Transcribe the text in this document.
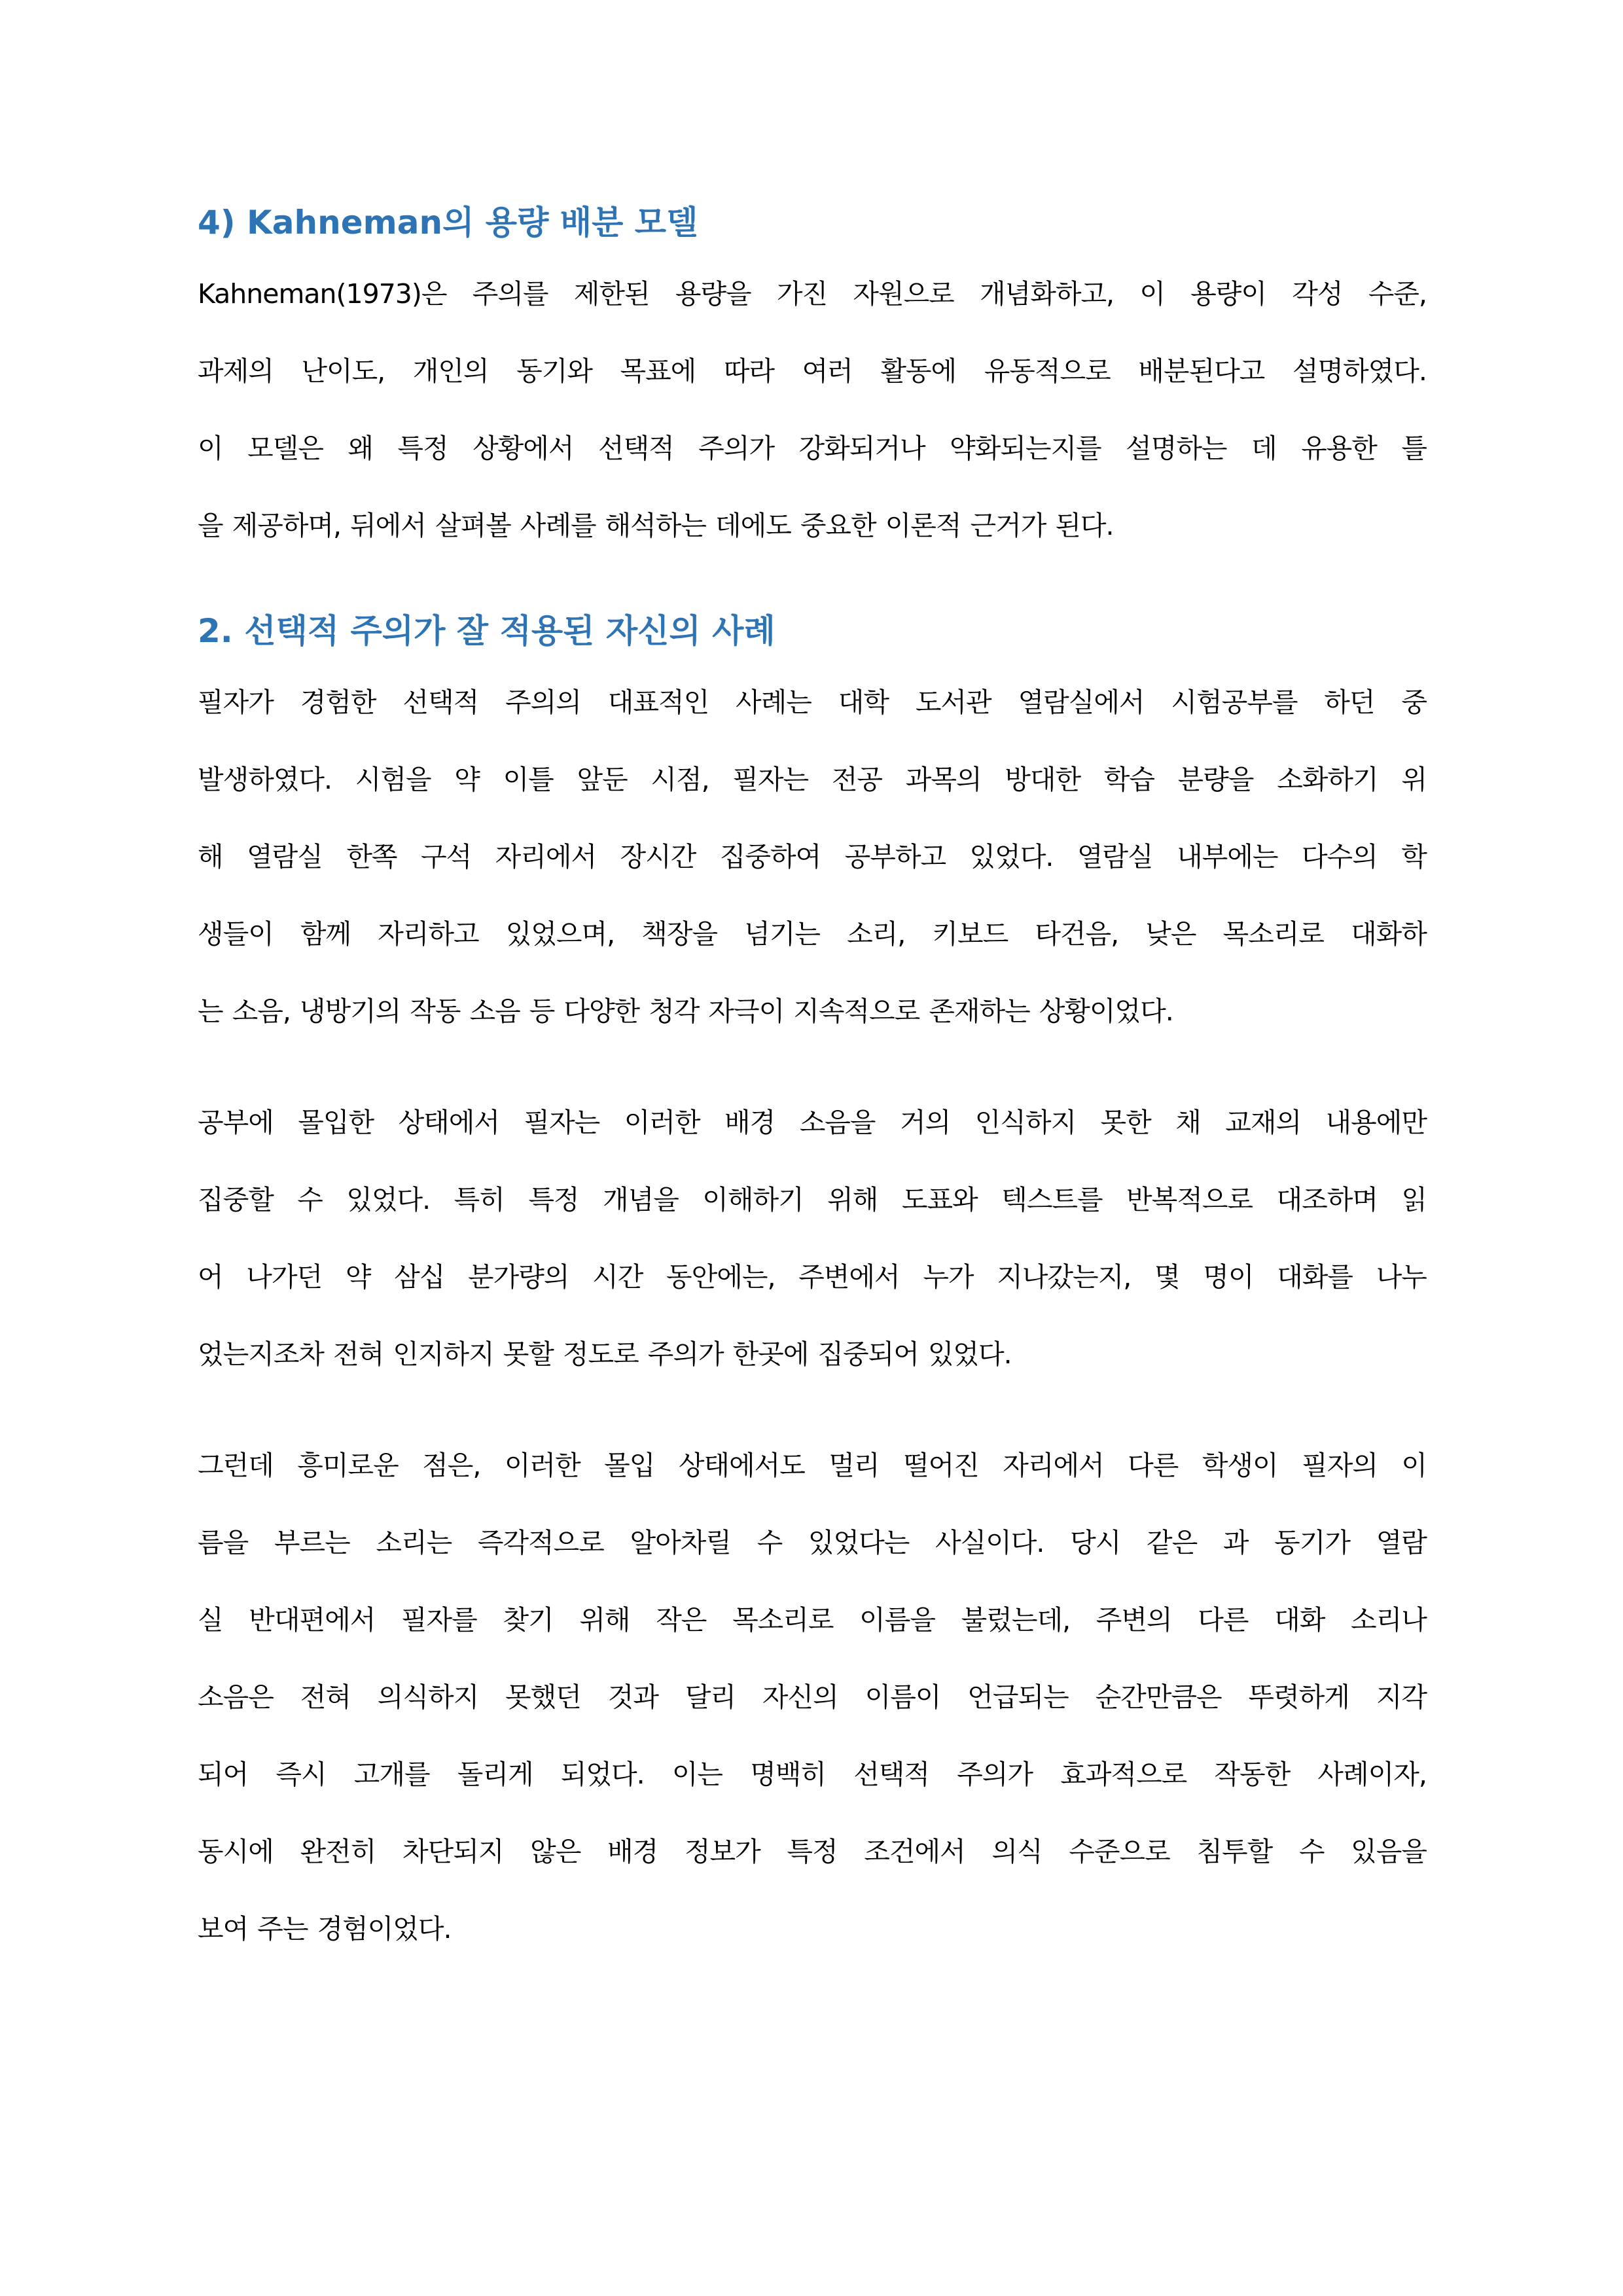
4) Kahneman의 용량 배분 모델
Kahneman(1973)은 주의를 제한된 용량을 가진 자원으로 개념화하고, 이 용량이 각성 수준,
과제의 난이도, 개인의 동기와 목표에 따라 여러 활동에 유동적으로 배분된다고 설명하였다.
이 모델은 왜 특정 상황에서 선택적 주의가 강화되거나 약화되는지를 설명하는 데 유용한 틀
을 제공하며, 뒤에서 살펴볼 사례를 해석하는 데에도 중요한 이론적 근거가 된다.
2. 선택적 주의가 잘 적용된 자신의 사례
필자가 경험한 선택적 주의의 대표적인 사례는 대학 도서관 열람실에서 시험공부를 하던 중
발생하였다. 시험을 약 이틀 앞둔 시점, 필자는 전공 과목의 방대한 학습 분량을 소화하기 위
해 열람실 한쪽 구석 자리에서 장시간 집중하여 공부하고 있었다. 열람실 내부에는 다수의 학
생들이 함께 자리하고 있었으며, 책장을 넘기는 소리, 키보드 타건음, 낮은 목소리로 대화하
는 소음, 냉방기의 작동 소음 등 다양한 청각 자극이 지속적으로 존재하는 상황이었다.
공부에 몰입한 상태에서 필자는 이러한 배경 소음을 거의 인식하지 못한 채 교재의 내용에만
집중할 수 있었다. 특히 특정 개념을 이해하기 위해 도표와 텍스트를 반복적으로 대조하며 읽
어 나가던 약 삼십 분가량의 시간 동안에는, 주변에서 누가 지나갔는지, 몇 명이 대화를 나누
었는지조차 전혀 인지하지 못할 정도로 주의가 한곳에 집중되어 있었다.
그런데 흥미로운 점은, 이러한 몰입 상태에서도 멀리 떨어진 자리에서 다른 학생이 필자의 이
름을 부르는 소리는 즉각적으로 알아차릴 수 있었다는 사실이다. 당시 같은 과 동기가 열람
실 반대편에서 필자를 찾기 위해 작은 목소리로 이름을 불렀는데, 주변의 다른 대화 소리나
소음은 전혀 의식하지 못했던 것과 달리 자신의 이름이 언급되는 순간만큼은 뚜렷하게 지각
되어 즉시 고개를 돌리게 되었다. 이는 명백히 선택적 주의가 효과적으로 작동한 사례이자,
동시에 완전히 차단되지 않은 배경 정보가 특정 조건에서 의식 수준으로 침투할 수 있음을
보여 주는 경험이었다.
